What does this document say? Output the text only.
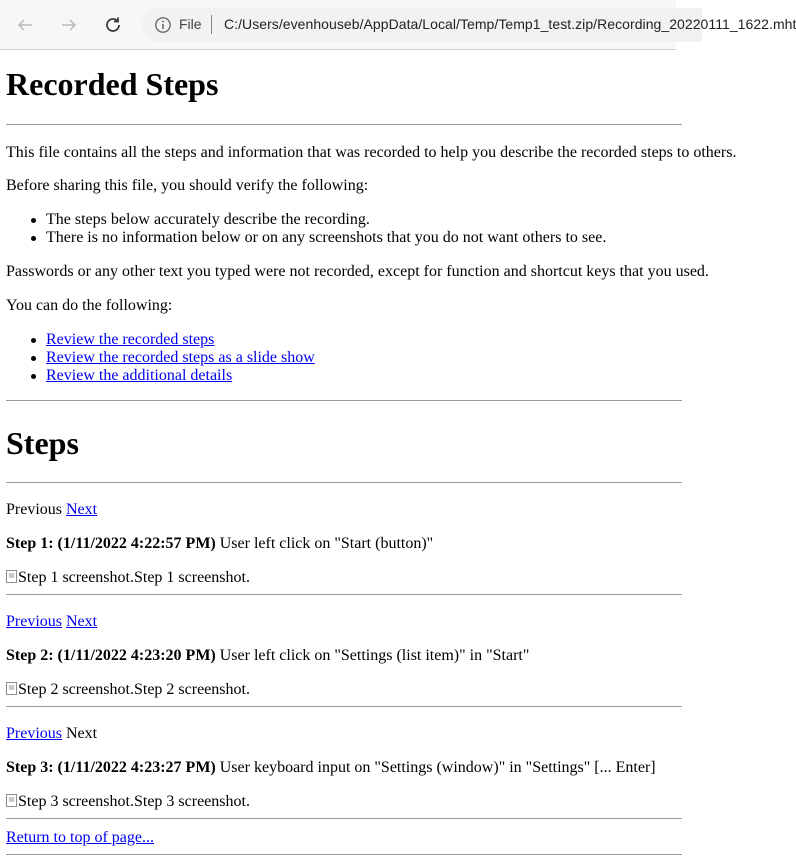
File C:/Users/evenhouseb/AppData/Local/Temp/Temp1_test.zip/Recording_20220111_1622.mht
Recorded Steps
This file contains all the steps and information that was recorded to help you describe the recorded steps to others.
Before sharing this file, you should verify the following:
The steps below accurately describe the recording.
There is no information below or on any screenshots that you do not want others to see.
Passwords or any other text you typed were not recorded, except for function and shortcut keys that you used.
You can do the following:
Review the recorded steps
Review the recorded steps as a slide show
Review the additional details
Steps
Previous Next
Step 1: (1/11/2022 4:22:57 PM) User left click on "Start (button)"
Step 1 screenshot.Step 1 screenshot.
Previous Next
Step 2: (1/11/2022 4:23:20 PM) User left click on "Settings (list item)" in "Start"
Step 2 screenshot.Step 2 screenshot.
Previous Next
Step 3: (1/11/2022 4:23:27 PM) User keyboard input on "Settings (window)" in "Settings" [... Enter]
Step 3 screenshot.Step 3 screenshot.
Return to top of page...
